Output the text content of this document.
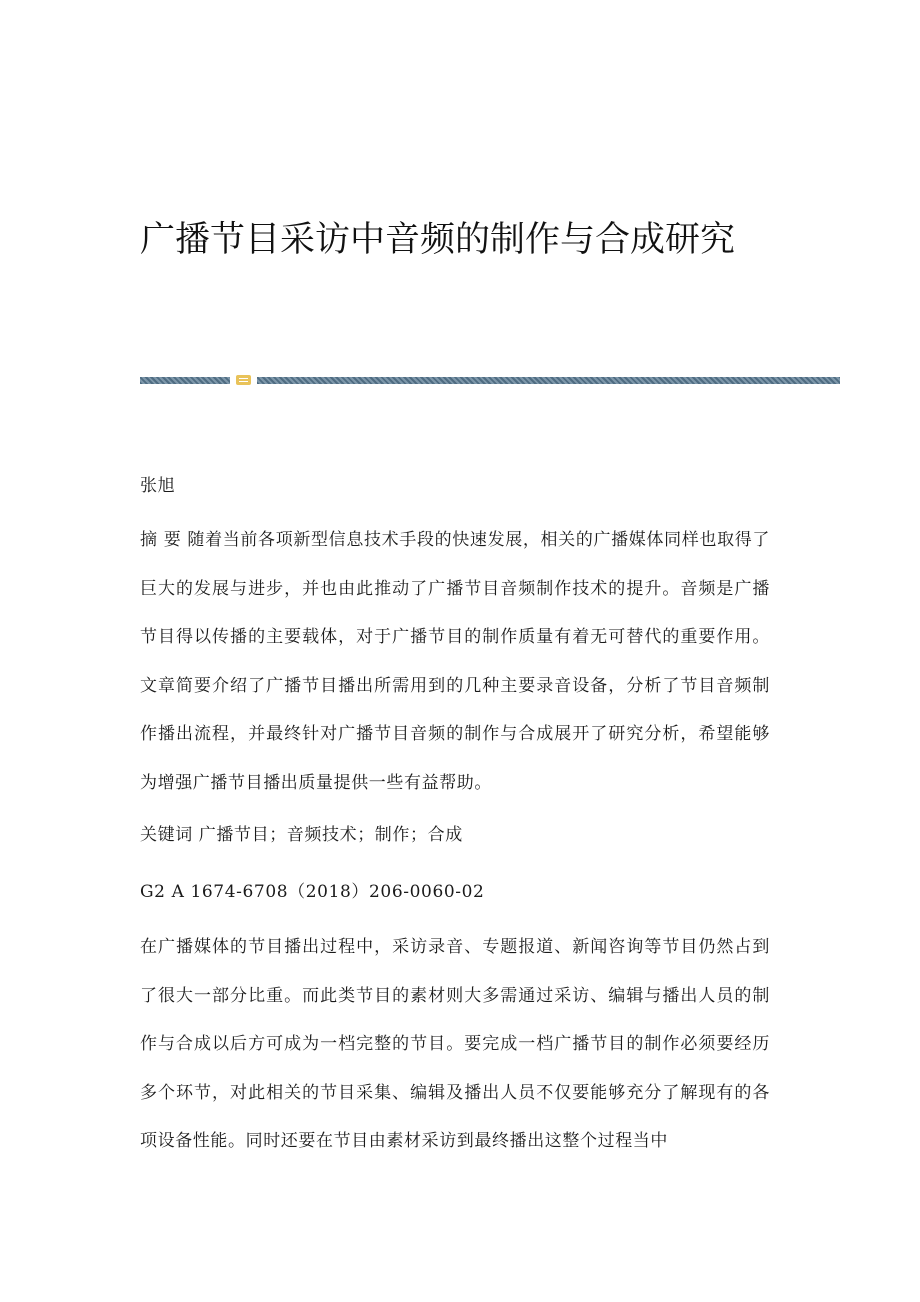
广播节目采访中音频的制作与合成研究
张旭
摘 要 随着当前各项新型信息技术手段的快速发展，相关的广播媒体同样也取得了巨大的发展与进步，并也由此推动了广播节目音频制作技术的提升。音频是广播节目得以传播的主要载体，对于广播节目的制作质量有着无可替代的重要作用。文章简要介绍了广播节目播出所需用到的几种主要录音设备，分析了节目音频制作播出流程，并最终针对广播节目音频的制作与合成展开了研究分析，希望能够为增强广播节目播出质量提供一些有益帮助。
关键词 广播节目；音频技术；制作；合成
G2 A 1674-6708（2018）206-0060-02
在广播媒体的节目播出过程中，采访录音、专题报道、新闻咨询等节目仍然占到了很大一部分比重。而此类节目的素材则大多需通过采访、编辑与播出人员的制作与合成以后方可成为一档完整的节目。要完成一档广播节目的制作必须要经历多个环节，对此相关的节目采集、编辑及播出人员不仅要能够充分了解现有的各项设备性能。同时还要在节目由素材采访到最终播出这整个过程当中
